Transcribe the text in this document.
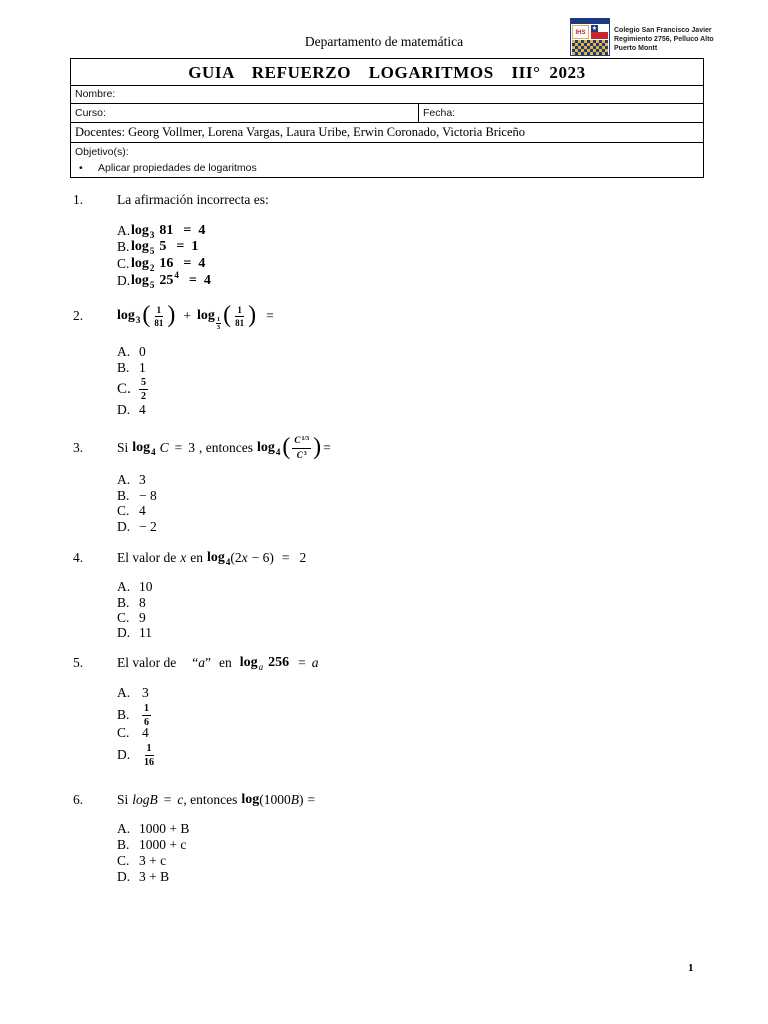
Departamento de matemática
IHS
★	Colegio San Francisco Javier
Regimiento 2756, Pelluco Alto
Puerto Montt
GUIA  REFUERZO  LOGARITMOS  III° 2023
Nombre:
Curso:	Fecha:
Docentes: Georg Vollmer, Lorena Vargas, Laura Uribe, Erwin Coronado, Victoria Briceño
Objetivo(s):
•	Aplicar propiedades de logaritmos
1.	La afirmación incorrecta es:
A. log 3 81 = 4
B. log 5 5 = 1
C. log 2 16 = 4
D. log 5 25 4 = 4
2.	log 3 ( $\frac{1}{81}$ ) + $\log \frac{1}{3}$ ( $\frac{1}{81}$ ) =
A. 0
B. 1
C. $\frac{5}{2}$
D. 4
3.	Si log 4 C = 3 , entonces log 4 ( $\frac{C^{1/3}}{C^3}$ ) =
A. 3
B. − 8
C. 4
D. − 2
4.	El valor de x en log 4 (2 x − 6) = 2
A. 10
B. 8
C. 9
D. 11
5.	El valor de “ a ” en log a 256 = a
A. 3
B.	$\frac{1}{6}$
C. 4
D.	$\frac{1}{16}$
6.	Si log B = c , entonces log (1000 B ) =
A. 1000 + B
B. 1000 + c
C. 3 + c
D. 3 + B
1
